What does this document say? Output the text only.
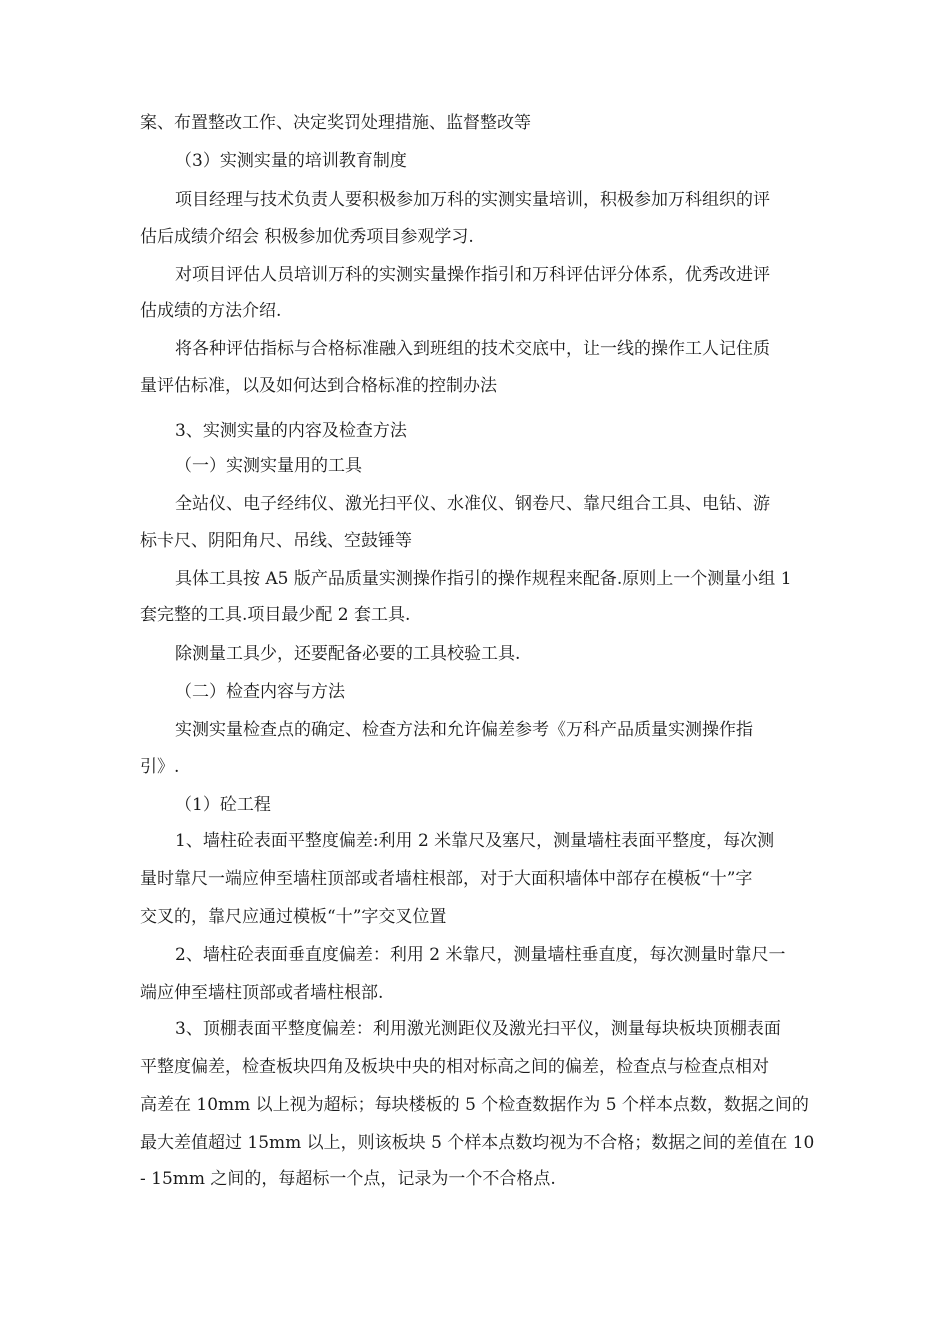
案、布置整改工作、决定奖罚处理措施、监督整改等
（3）实测实量的培训教育制度
项目经理与技术负责人要积极参加万科的实测实量培训，积极参加万科组织的评
估后成绩介绍会 积极参加优秀项目参观学习.
对项目评估人员培训万科的实测实量操作指引和万科评估评分体系，优秀改进评
估成绩的方法介绍.
将各种评估指标与合格标准融入到班组的技术交底中，让一线的操作工人记住质
量评估标准，以及如何达到合格标准的控制办法
3、实测实量的内容及检查方法
（一）实测实量用的工具
全站仪、电子经纬仪、激光扫平仪、水准仪、钢卷尺、靠尺组合工具、电钻、游
标卡尺、阴阳角尺、吊线、空鼓锤等
具体工具按 A5 版产品质量实测操作指引的操作规程来配备.原则上一个测量小组 1
套完整的工具.项目最少配 2 套工具.
除测量工具少，还要配备必要的工具校验工具.
（二）检查内容与方法
实测实量检查点的确定、检查方法和允许偏差参考《万科产品质量实测操作指
引》.
（1）砼工程
1、墙柱砼表面平整度偏差:利用 2 米靠尺及塞尺，测量墙柱表面平整度，每次测
量时靠尺一端应伸至墙柱顶部或者墙柱根部，对于大面积墙体中部存在模板“十”字
交叉的，靠尺应通过模板“十”字交叉位置
2、墙柱砼表面垂直度偏差：利用 2 米靠尺，测量墙柱垂直度，每次测量时靠尺一
端应伸至墙柱顶部或者墙柱根部.
3、顶棚表面平整度偏差：利用激光测距仪及激光扫平仪，测量每块板块顶棚表面
平整度偏差，检查板块四角及板块中央的相对标高之间的偏差，检查点与检查点相对
高差在 10mm 以上视为超标；每块楼板的 5 个检查数据作为 5 个样本点数，数据之间的
最大差值超过 15mm 以上，则该板块 5 个样本点数均视为不合格；数据之间的差值在 10
- 15mm 之间的，每超标一个点，记录为一个不合格点.
